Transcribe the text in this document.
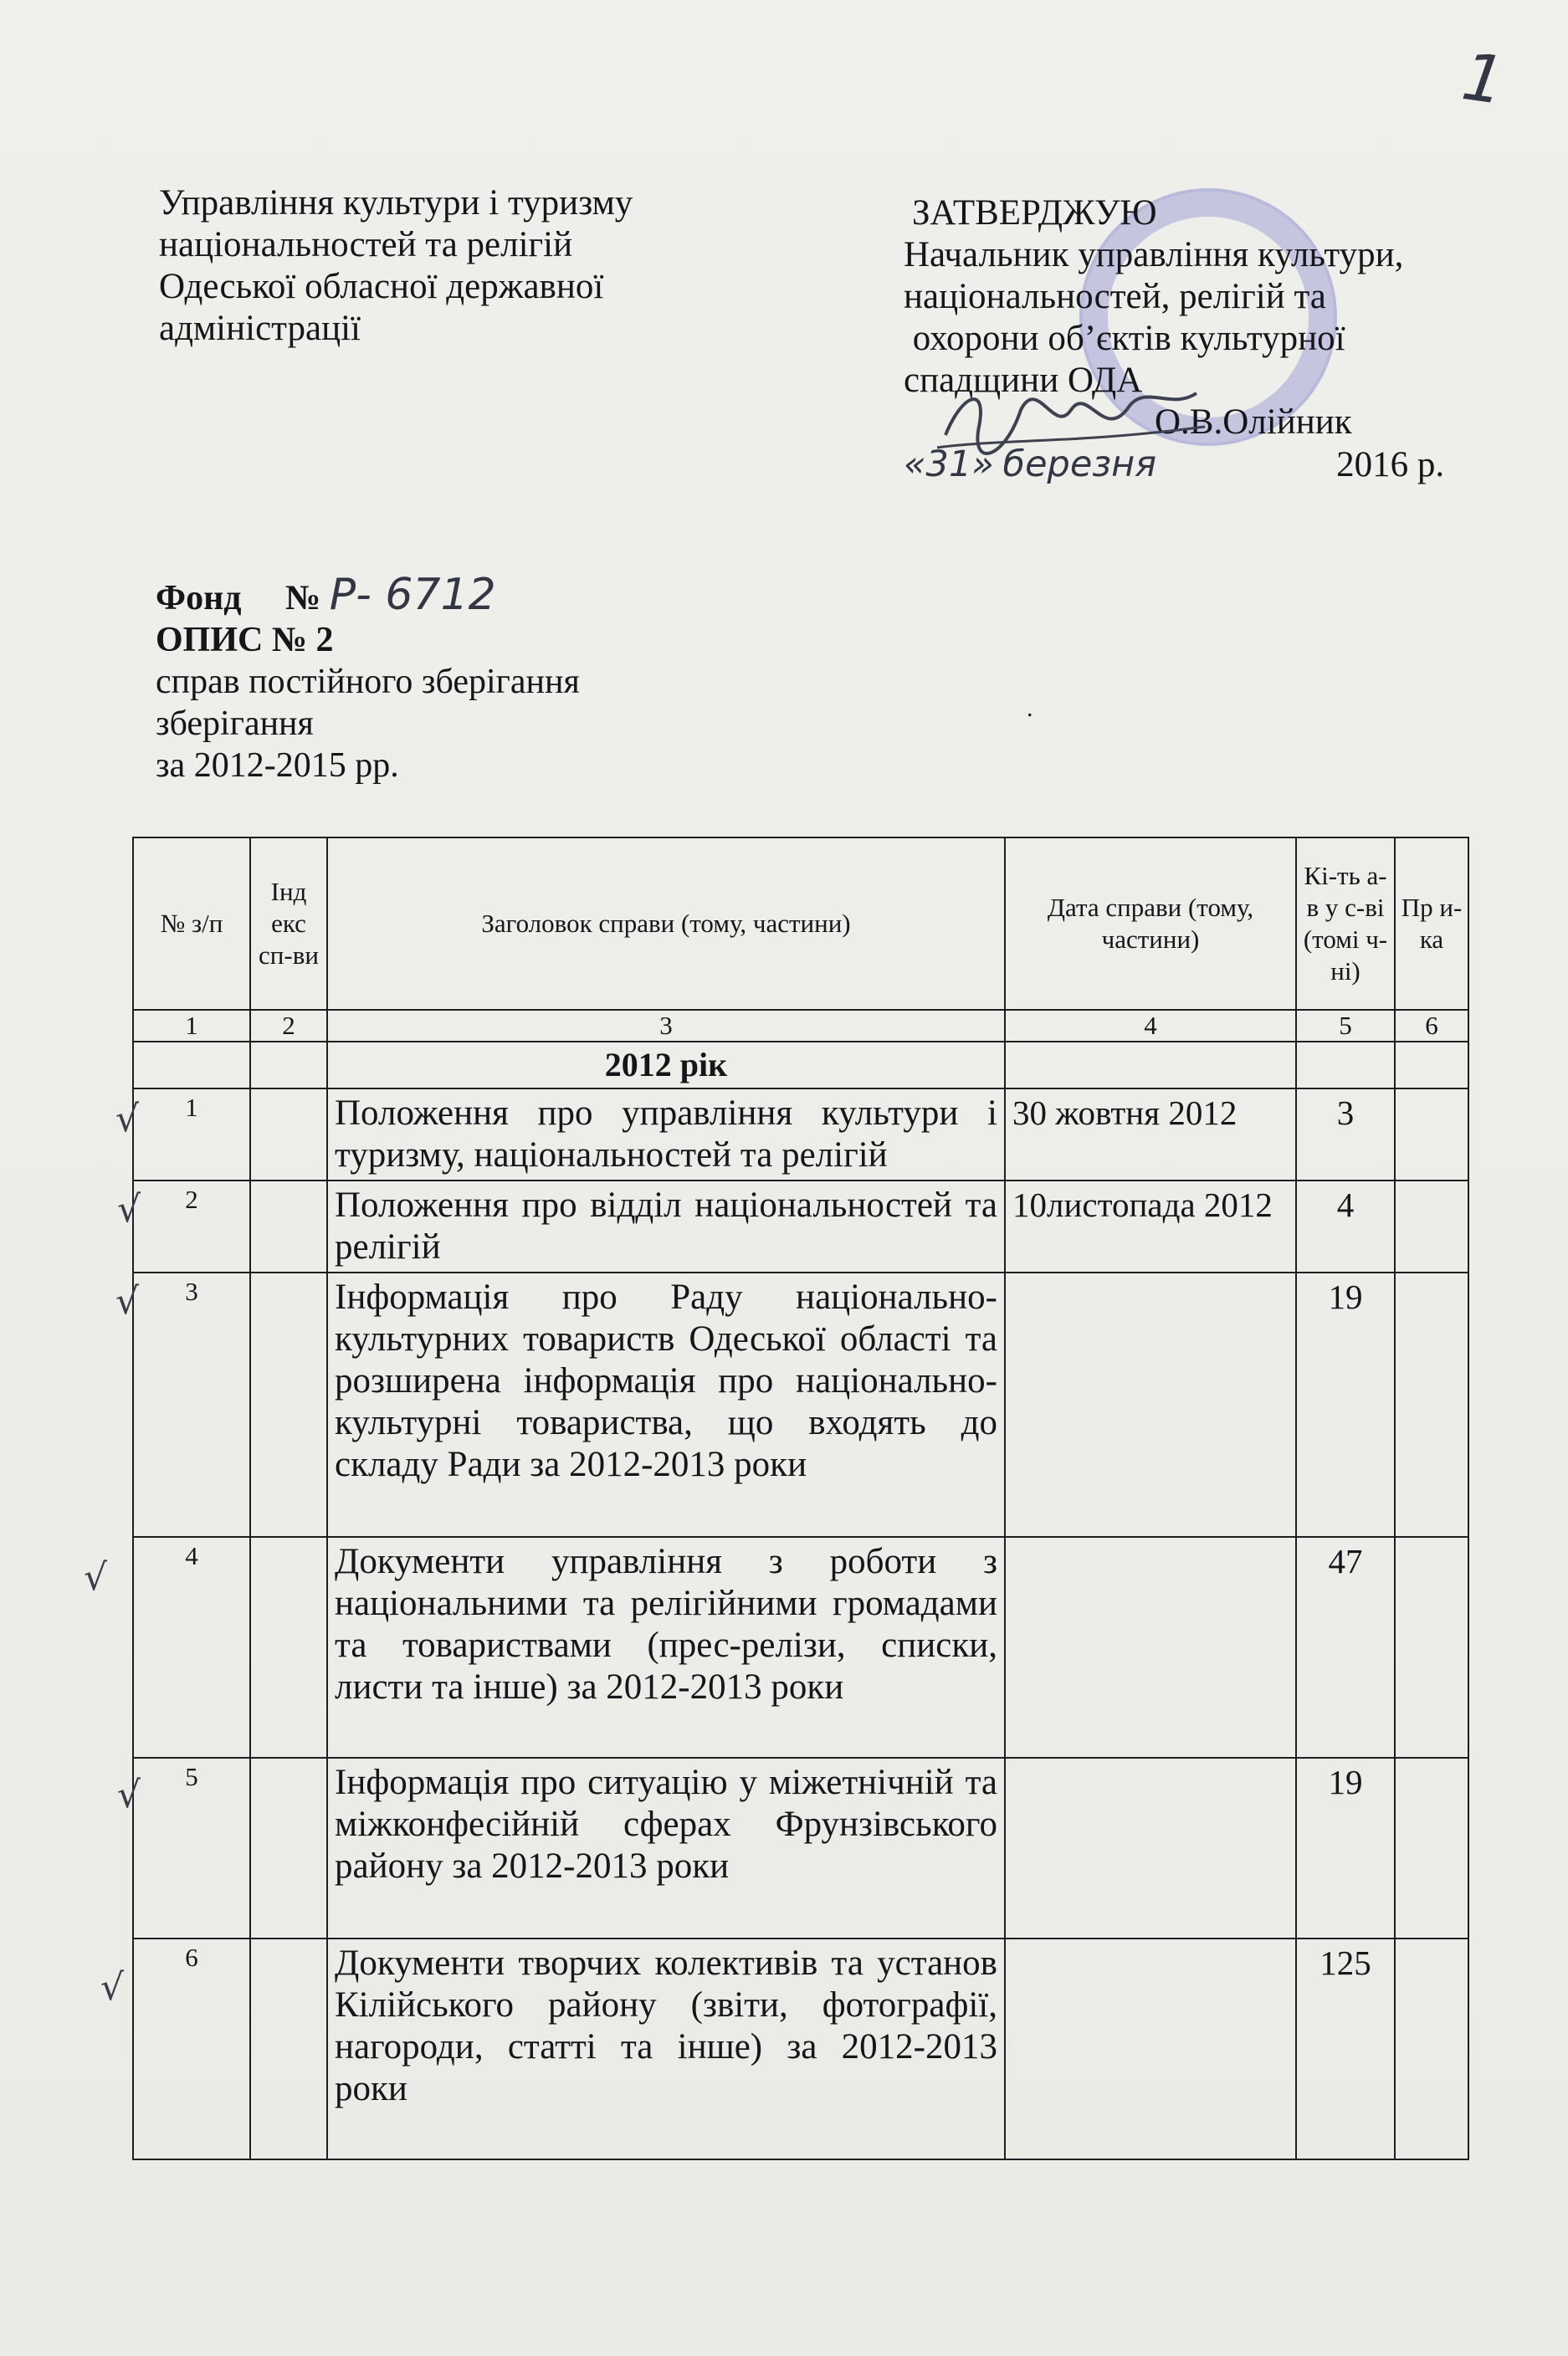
1
Управління культури і туризму
національностей та релігій
Одеської обласної державної
адміністрації
ЗАТВЕРДЖУЮ
Начальник управління культури,
національностей, релігій та
охорони об’єктів культурної
спадщини ОДА
О.В.Олійник
«31» березня	2016 р.
Фонд № Р- 6712
ОПИС № 2
справ постійного зберігання
зберігання
за 2012-2015 рр.
.
№ з/п	Інд екс сп-ви	Заголовок справи (тому, частини)	Дата справи (тому, частини)	Кі-ть а-в у с-ві (томі ч-ні)	Пр и-ка
1	2	3	4	5	6
		2012 рік			
1		Положення про управління культури і туризму, національностей та релігій	30 жовтня 2012	3	
2		Положення про відділ національностей та релігій	10листопада 2012	4	
3		Інформація про Раду національно-культурних товариств Одеської області та розширена інформація про національно-культурні товариства, що входять до складу Ради за 2012-2013 роки		19	
4		Документи управління з роботи з національними та релігійними громадами та товариствами (прес-релізи, списки, листи та інше) за 2012-2013 роки		47	
5		Інформація про ситуацію у міжетнічній та міжконфесійній сферах Фрунзівського району за 2012-2013 роки		19	
6		Документи творчих колективів та установ Кілійського району (звіти, фотографії, нагороди, статті та інше) за 2012-2013 роки		125	
√
√
√
√
√
√
